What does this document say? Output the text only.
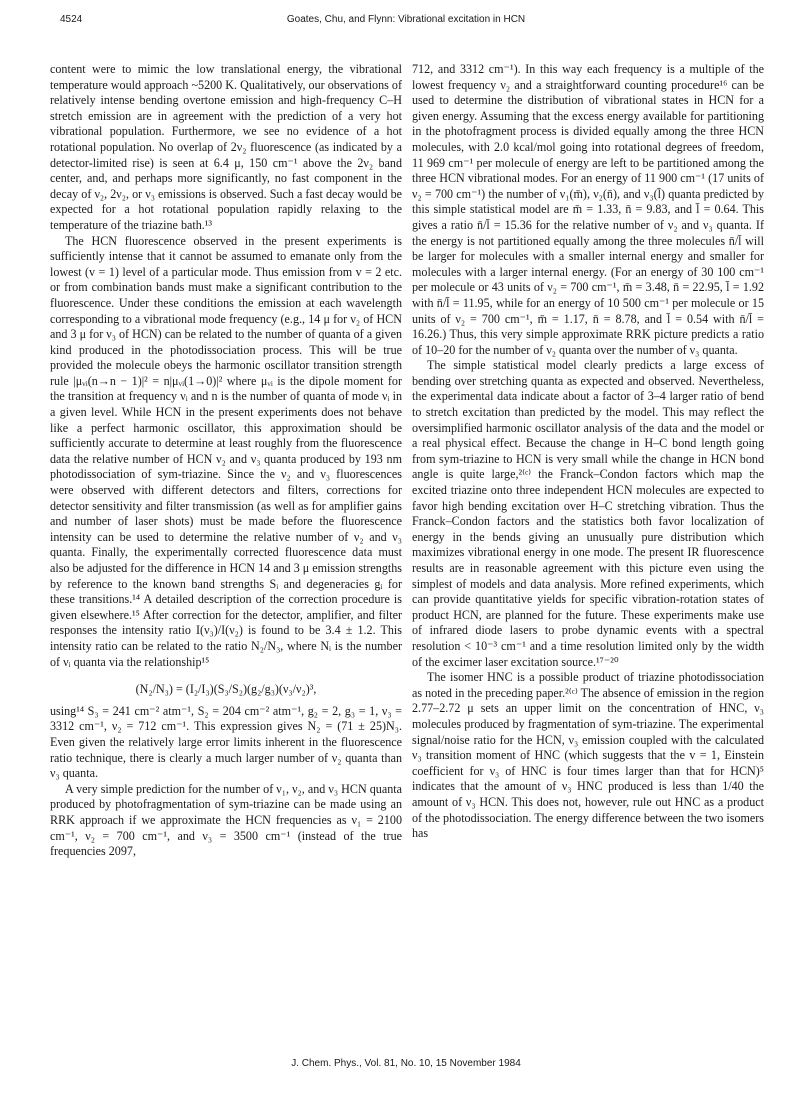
4524	Goates, Chu, and Flynn: Vibrational excitation in HCN

content were to mimic the low translational energy, the vibrational temperature would approach ~5200 K. Qualitatively, our observations of relatively intense bending overtone emission and high-frequency C–H stretch emission are in agreement with the prediction of a very hot vibrational population. Furthermore, we see no evidence of a hot rotational population. No overlap of 2ν₂ fluorescence (as indicated by a detector-limited rise) is seen at 6.4 μ, 150 cm⁻¹ above the 2ν₂ band center, and, and perhaps more significantly, no fast component in the decay of ν₂, 2ν₂, or ν₃ emissions is observed. Such a fast decay would be expected for a hot rotational population rapidly relaxing to the temperature of the triazine bath.¹³

The HCN fluorescence observed in the present experiments is sufficiently intense that it cannot be assumed to emanate only from the lowest (v = 1) level of a particular mode. Thus emission from v = 2 etc. or from combination bands must make a significant contribution to the fluorescence. Under these conditions the emission at each wavelength corresponding to a vibrational mode frequency (e.g., 14 μ for ν₂ of HCN and 3 μ for ν₃ of HCN) can be related to the number of quanta of a given kind produced in the photodissociation process. This will be true provided the molecule obeys the harmonic oscillator transition strength rule |μᵥᵢ(n→n − 1)|² = n|μᵥᵢ(1→0)|² where μᵥᵢ is the dipole moment for the transition at frequency νᵢ and n is the number of quanta of mode νᵢ in a given level. While HCN in the present experiments does not behave like a perfect harmonic oscillator, this approximation should be sufficiently accurate to determine at least roughly from the fluorescence data the relative number of HCN ν₂ and ν₃ quanta produced by 193 nm photodissociation of sym-triazine. Since the ν₂ and ν₃ fluorescences were observed with different detectors and filters, corrections for detector sensitivity and filter transmission (as well as for amplifier gains and number of laser shots) must be made before the fluorescence intensity can be used to determine the relative number of ν₂ and ν₃ quanta. Finally, the experimentally corrected fluorescence data must also be adjusted for the difference in HCN 14 and 3 μ emission strengths by reference to the known band strengths Sᵢ and degeneracies gᵢ for these transitions.¹⁴ A detailed description of the correction procedure is given elsewhere.¹⁵ After correction for the detector, amplifier, and filter responses the intensity ratio I(ν₃)/I(ν₂) is found to be 3.4 ± 1.2. This intensity ratio can be related to the ratio N₂/N₃, where Nᵢ is the number of νᵢ quanta via the relationship¹⁵

(N₂/N₃) = (I₂/I₃)(S₃/S₂)(g₂/g₃)(ν₃/ν₂)³,

using¹⁴ S₃ = 241 cm⁻² atm⁻¹, S₂ = 204 cm⁻² atm⁻¹, g₂ = 2, g₃ = 1, ν₃ = 3312 cm⁻¹, ν₂ = 712 cm⁻¹. This expression gives N₂ = (71 ± 25)N₃. Even given the relatively large error limits inherent in the fluorescence ratio technique, there is clearly a much larger number of ν₂ quanta than ν₃ quanta.

A very simple prediction for the number of ν₁, ν₂, and ν₃ HCN quanta produced by photofragmentation of sym-triazine can be made using an RRK approach if we approximate the HCN frequencies as ν₁ = 2100 cm⁻¹, ν₂ = 700 cm⁻¹, and ν₃ = 3500 cm⁻¹ (instead of the true frequencies 2097,

712, and 3312 cm⁻¹). In this way each frequency is a multiple of the lowest frequency ν₂ and a straightforward counting procedure¹⁶ can be used to determine the distribution of vibrational states in HCN for a given energy. Assuming that the excess energy available for partitioning in the photofragment process is divided equally among the three HCN molecules, with 2.0 kcal/mol going into rotational degrees of freedom, 11 969 cm⁻¹ per molecule of energy are left to be partitioned among the three HCN vibrational modes. For an energy of 11 900 cm⁻¹ (17 units of ν₂ = 700 cm⁻¹) the number of ν₁(m̄), ν₂(n̄), and ν₃(l̄) quanta predicted by this simple statistical model are m̄ = 1.33, n̄ = 9.83, and l̄ = 0.64. This gives a ratio n̄/l̄ = 15.36 for the relative number of ν₂ and ν₃ quanta. If the energy is not partitioned equally among the three molecules n̄/l̄ will be larger for molecules with a smaller internal energy and smaller for molecules with a larger internal energy. (For an energy of 30 100 cm⁻¹ per molecule or 43 units of ν₂ = 700 cm⁻¹, m̄ = 3.48, n̄ = 22.95, l̄ = 1.92 with n̄/l̄ = 11.95, while for an energy of 10 500 cm⁻¹ per molecule or 15 units of ν₂ = 700 cm⁻¹, m̄ = 1.17, n̄ = 8.78, and l̄ = 0.54 with n̄/l̄ = 16.26.) Thus, this very simple approximate RRK picture predicts a ratio of 10–20 for the number of ν₂ quanta over the number of ν₃ quanta.

The simple statistical model clearly predicts a large excess of bending over stretching quanta as expected and observed. Nevertheless, the experimental data indicate about a factor of 3–4 larger ratio of bend to stretch excitation than predicted by the model. This may reflect the oversimplified harmonic oscillator analysis of the data and the model or a real physical effect. Because the change in H–C bond length going from sym-triazine to HCN is very small while the change in HCN bond angle is quite large,²⁽ᶜ⁾ the Franck–Condon factors which map the excited triazine onto three independent HCN molecules are expected to favor high bending excitation over H–C stretching vibration. Thus the Franck–Condon factors and the statistics both favor localization of energy in the bends giving an unusually pure distribution which maximizes vibrational energy in one mode. The present IR fluorescence results are in reasonable agreement with this picture even using the simplest of models and data analysis. More refined experiments, which can provide quantitative yields for specific vibration-rotation states of product HCN, are planned for the future. These experiments make use of infrared diode lasers to probe dynamic events with a spectral resolution < 10⁻³ cm⁻¹ and a time resolution limited only by the width of the excimer laser excitation source.¹⁷⁻²⁰

The isomer HNC is a possible product of triazine photodissociation as noted in the preceding paper.²⁽ᶜ⁾ The absence of emission in the region 2.77–2.72 μ sets an upper limit on the concentration of HNC, ν₃ molecules produced by fragmentation of sym-triazine. The experimental signal/noise ratio for the HCN, ν₃ emission coupled with the calculated ν₃ transition moment of HNC (which suggests that the v = 1, Einstein coefficient for ν₃ of HNC is four times larger than that for HCN)⁵ indicates that the amount of ν₃ HNC produced is less than 1/40 the amount of ν₃ HCN. This does not, however, rule out HNC as a product of the photodissociation. The energy difference between the two isomers has

J. Chem. Phys., Vol. 81, No. 10, 15 November 1984
